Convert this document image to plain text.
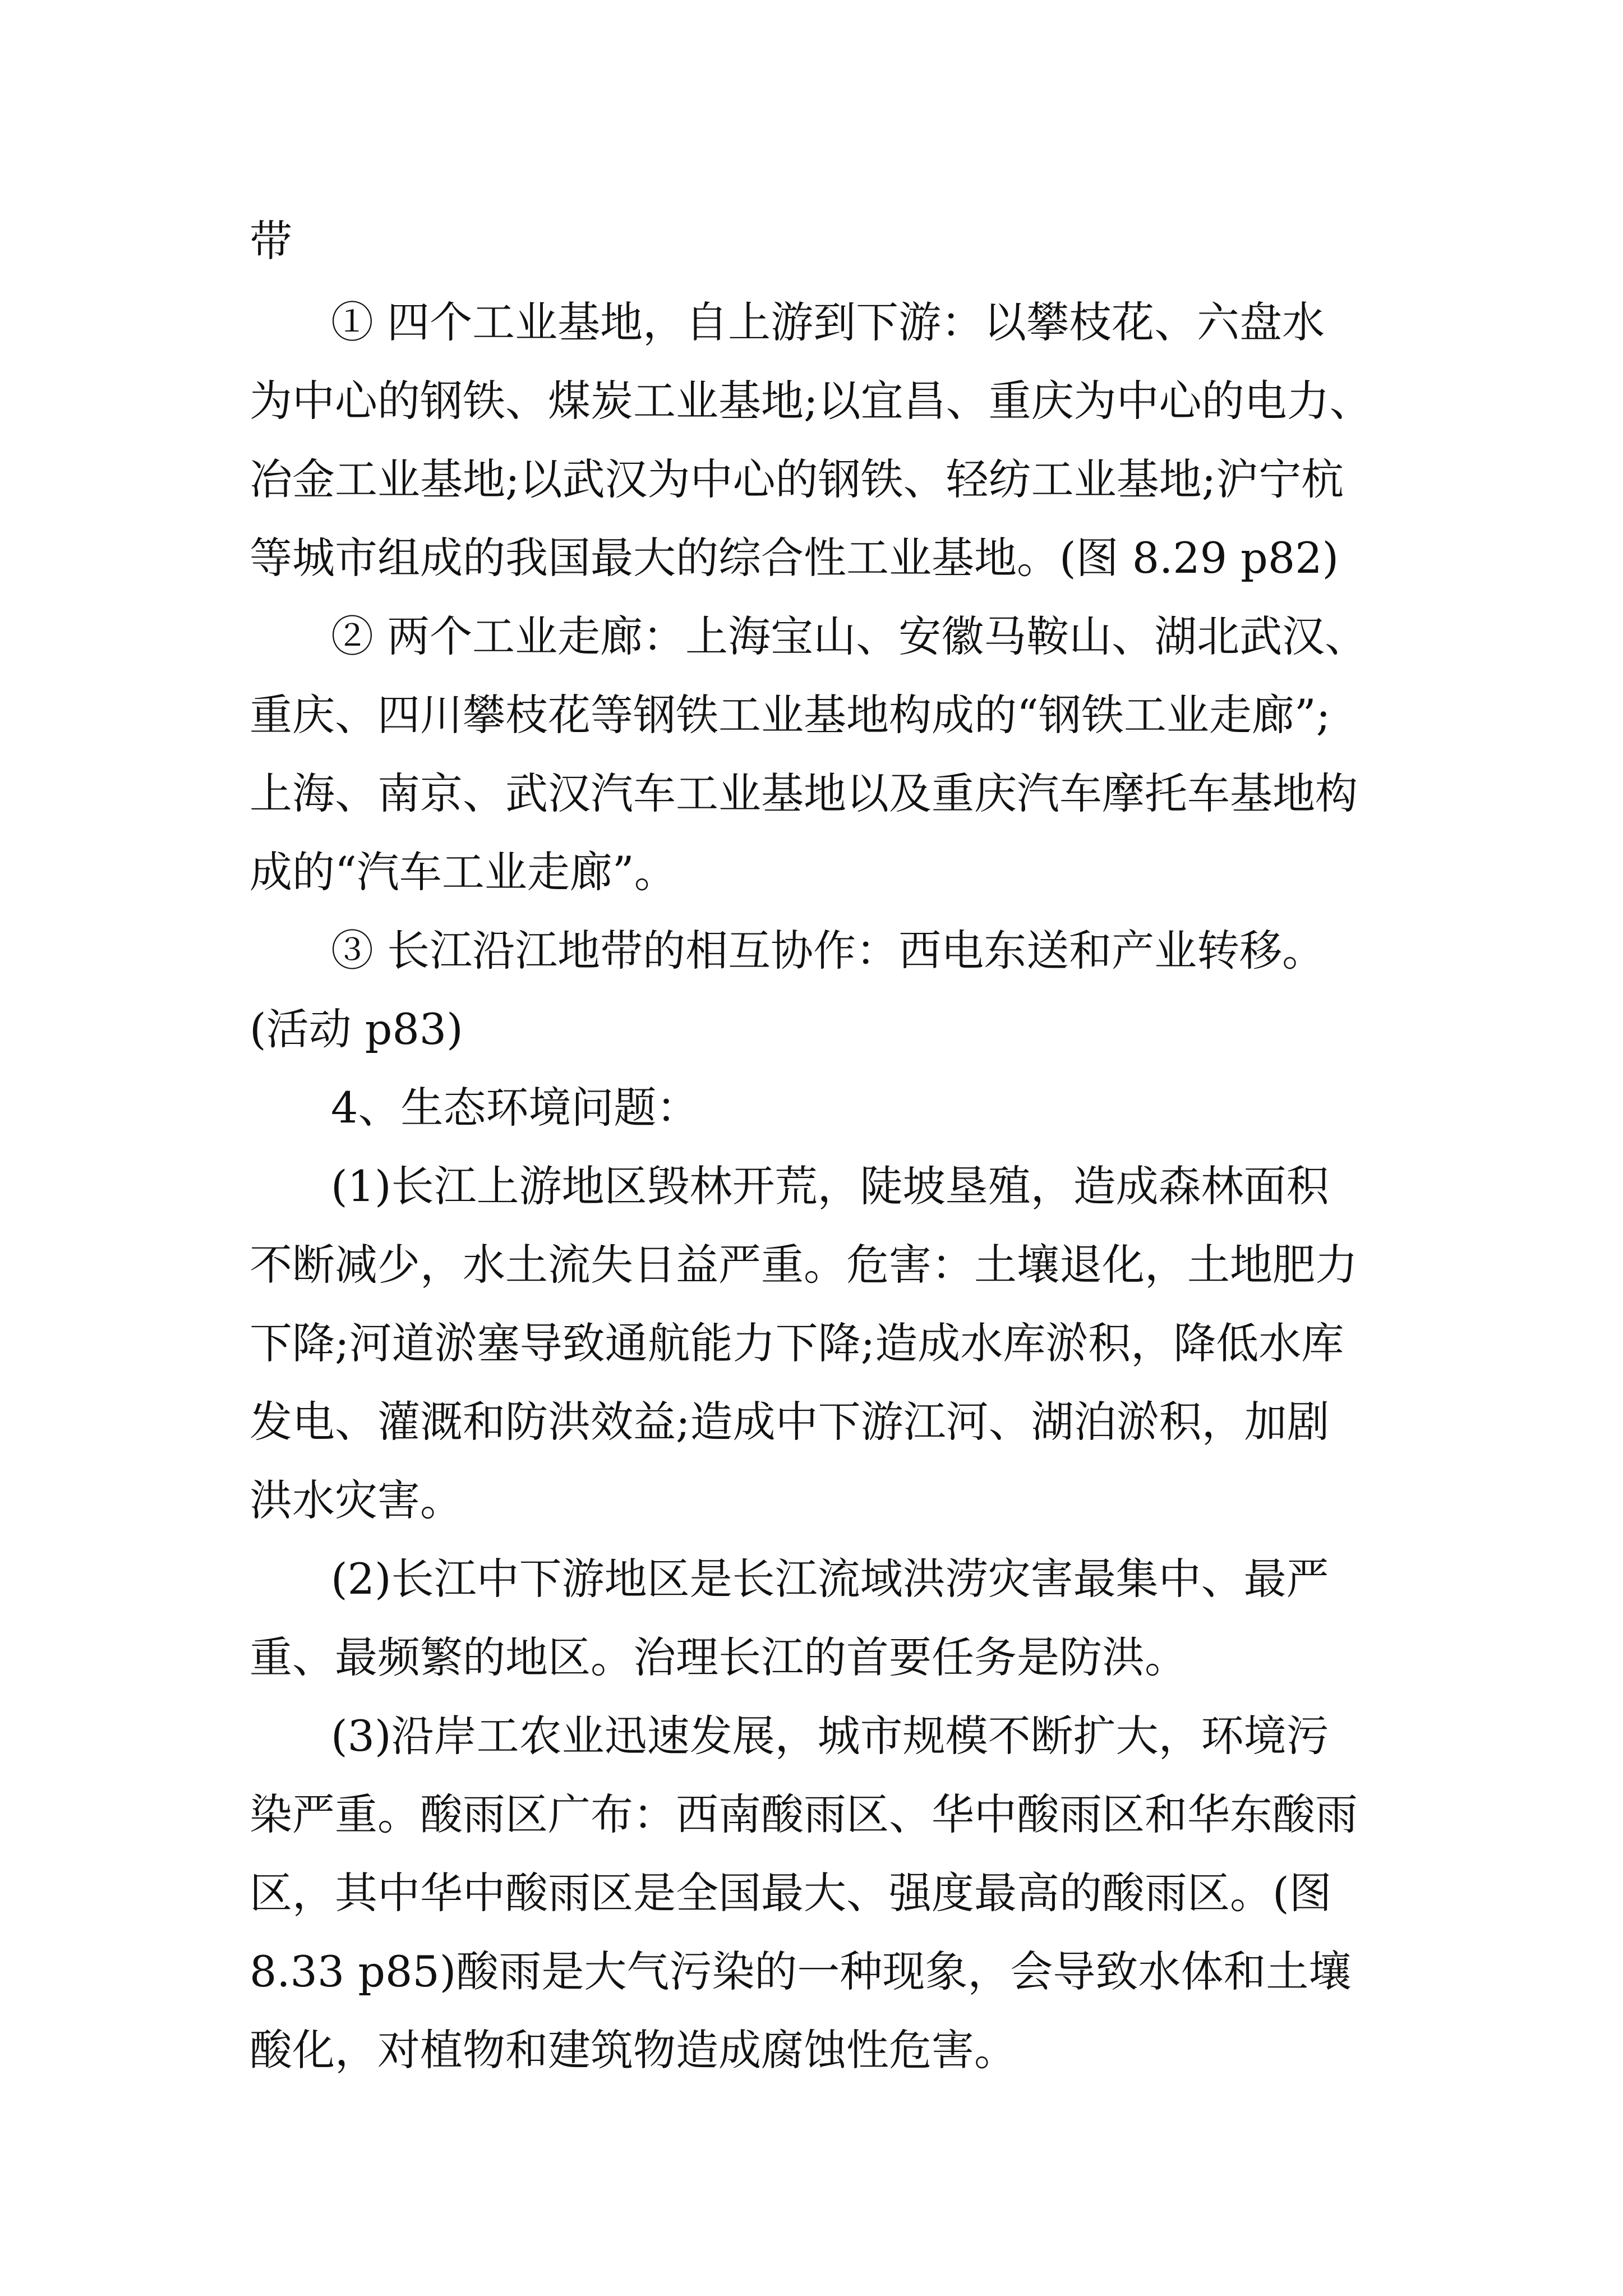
带
① 四个工业基地，自上游到下游：以攀枝花、六盘水
为中心的钢铁、煤炭工业基地;以宜昌、重庆为中心的电力、
冶金工业基地;以武汉为中心的钢铁、轻纺工业基地;沪宁杭
等城市组成的我国最大的综合性工业基地。(图 8.29 p82)
② 两个工业走廊：上海宝山、安徽马鞍山、湖北武汉、
重庆、四川攀枝花等钢铁工业基地构成的“钢铁工业走廊”;
上海、南京、武汉汽车工业基地以及重庆汽车摩托车基地构
成的“汽车工业走廊”。
③ 长江沿江地带的相互协作：西电东送和产业转移。
(活动 p83)
4、生态环境问题：
(1)长江上游地区毁林开荒，陡坡垦殖，造成森林面积
不断减少，水土流失日益严重。危害：土壤退化，土地肥力
下降;河道淤塞导致通航能力下降;造成水库淤积，降低水库
发电、灌溉和防洪效益;造成中下游江河、湖泊淤积，加剧
洪水灾害。
(2)长江中下游地区是长江流域洪涝灾害最集中、最严
重、最频繁的地区。治理长江的首要任务是防洪。
(3)沿岸工农业迅速发展，城市规模不断扩大，环境污
染严重。酸雨区广布：西南酸雨区、华中酸雨区和华东酸雨
区，其中华中酸雨区是全国最大、强度最高的酸雨区。(图
8.33 p85)酸雨是大气污染的一种现象，会导致水体和土壤
酸化，对植物和建筑物造成腐蚀性危害。
